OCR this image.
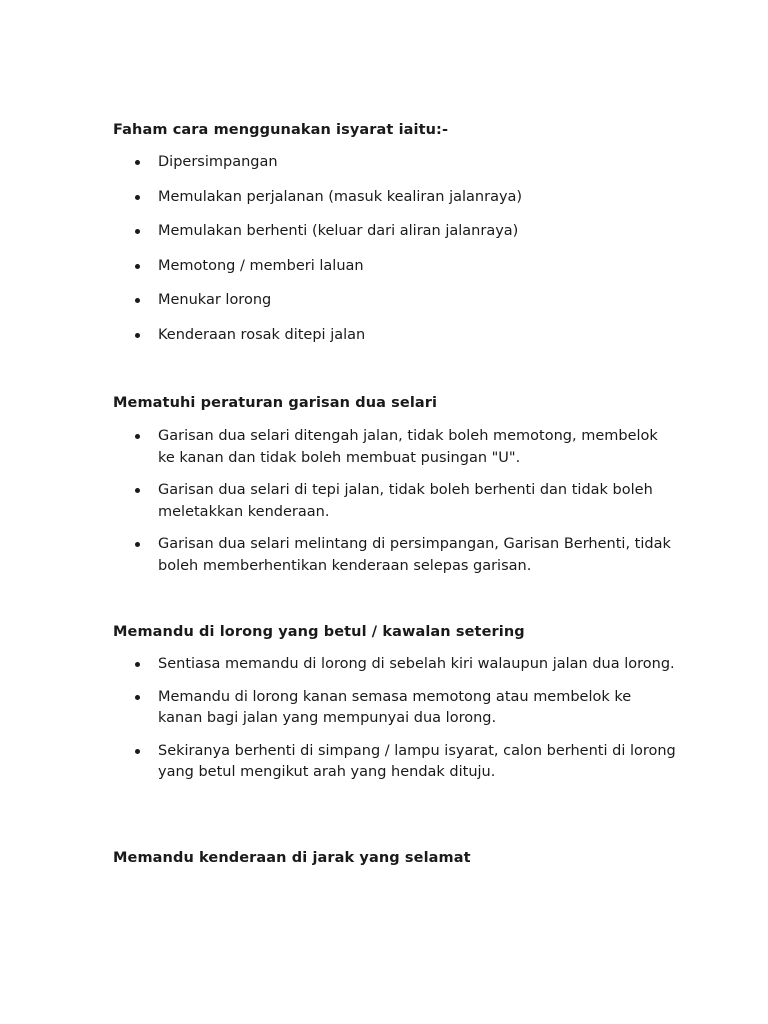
Faham cara menggunakan isyarat iaitu:-

Dipersimpangan
Memulakan perjalanan (masuk kealiran jalanraya)
Memulakan berhenti (keluar dari aliran jalanraya)
Memotong / memberi laluan
Menukar lorong
Kenderaan rosak ditepi jalan

Mematuhi peraturan garisan dua selari

Garisan dua selari ditengah jalan, tidak boleh memotong, membelok ke kanan dan tidak boleh membuat pusingan "U".
Garisan dua selari di tepi jalan, tidak boleh berhenti dan tidak boleh meletakkan kenderaan.
Garisan dua selari melintang di persimpangan, Garisan Berhenti, tidak boleh memberhentikan kenderaan selepas garisan.

Memandu di lorong yang betul / kawalan setering

Sentiasa memandu di lorong di sebelah kiri walaupun jalan dua lorong.
Memandu di lorong kanan semasa memotong atau membelok ke kanan bagi jalan yang mempunyai dua lorong.
Sekiranya berhenti di simpang / lampu isyarat, calon berhenti di lorong yang betul mengikut arah yang hendak dituju.

Memandu kenderaan di jarak yang selamat
